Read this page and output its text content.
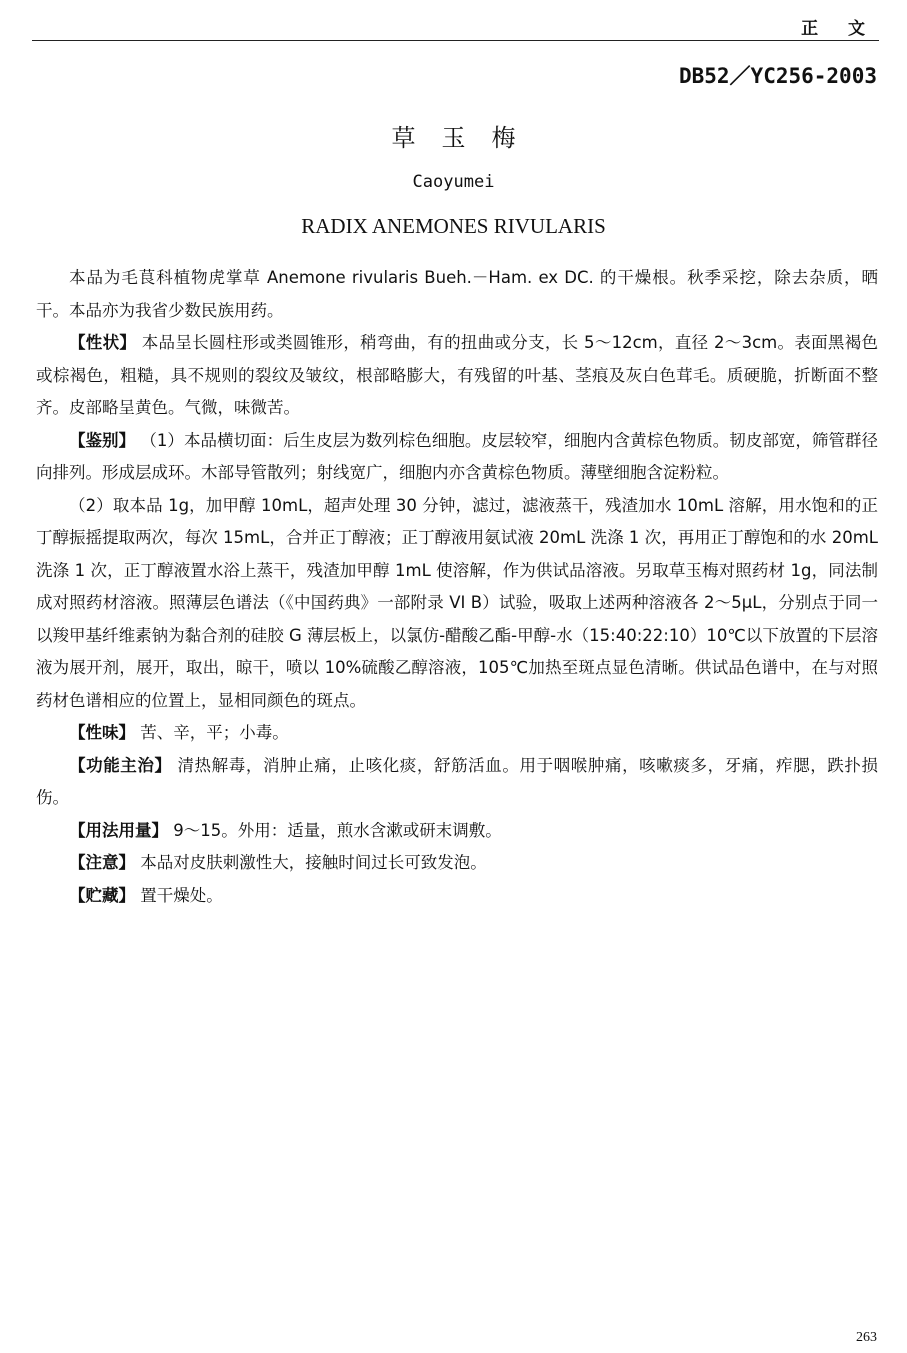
正 文
DB52／YC256-2003
草玉梅
Caoyumei
RADIX ANEMONES RIVULARIS

本品为毛茛科植物虎掌草 Anemone rivularis Bueh.－Ham. ex DC. 的干燥根。秋季采挖，除去杂质，晒干。本品亦为我省少数民族用药。

【性状】 本品呈长圆柱形或类圆锥形，稍弯曲，有的扭曲或分支，长 5～12cm，直径 2～3cm。表面黑褐色或棕褐色，粗糙，具不规则的裂纹及皱纹，根部略膨大，有残留的叶基、茎痕及灰白色茸毛。质硬脆，折断面不整齐。皮部略呈黄色。气微，味微苦。

【鉴别】 （1）本品横切面：后生皮层为数列棕色细胞。皮层较窄，细胞内含黄棕色物质。韧皮部宽，筛管群径向排列。形成层成环。木部导管散列；射线宽广，细胞内亦含黄棕色物质。薄壁细胞含淀粉粒。

（2）取本品 1g，加甲醇 10mL，超声处理 30 分钟，滤过，滤液蒸干，残渣加水 10mL 溶解，用水饱和的正丁醇振摇提取两次，每次 15mL，合并正丁醇液；正丁醇液用氨试液 20mL 洗涤 1 次，再用正丁醇饱和的水 20mL 洗涤 1 次，正丁醇液置水浴上蒸干，残渣加甲醇 1mL 使溶解，作为供试品溶液。另取草玉梅对照药材 1g，同法制成对照药材溶液。照薄层色谱法（《中国药典》一部附录 VI B）试验，吸取上述两种溶液各 2～5μL，分别点于同一以羧甲基纤维素钠为黏合剂的硅胶 G 薄层板上，以氯仿-醋酸乙酯-甲醇-水（15:40:22:10）10℃以下放置的下层溶液为展开剂，展开，取出，晾干，喷以 10%硫酸乙醇溶液，105℃加热至斑点显色清晰。供试品色谱中，在与对照药材色谱相应的位置上，显相同颜色的斑点。

【性味】 苦、辛，平；小毒。

【功能主治】 清热解毒，消肿止痛，止咳化痰，舒筋活血。用于咽喉肿痛，咳嗽痰多，牙痛，痄腮，跌扑损伤。

【用法用量】 9～15。外用：适量，煎水含漱或研末调敷。

【注意】 本品对皮肤刺激性大，接触时间过长可致发泡。

【贮藏】 置干燥处。

263
